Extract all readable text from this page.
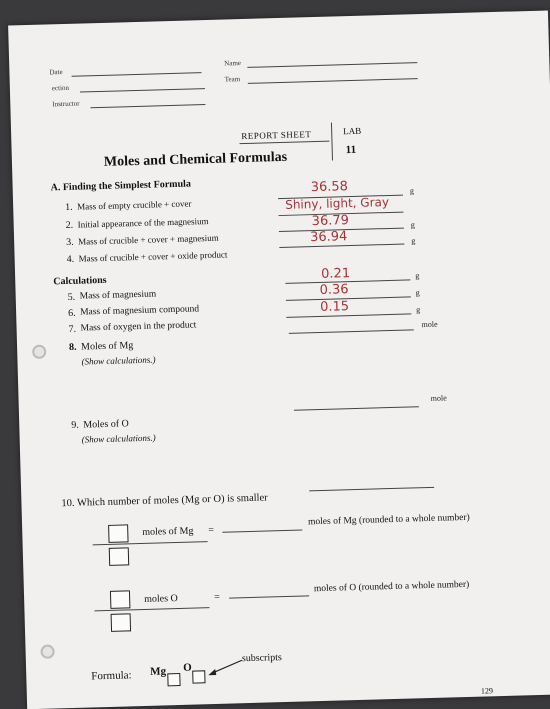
Date
Name
ection
Team
Instructor
REPORT SHEET	LAB
11
Moles and Chemical Formulas
A. Finding the Simplest Formula
1. Mass of empty crucible + cover
36.58	g
2. Initial appearance of the magnesium
Shiny, light, Gray
3. Mass of crucible + cover + magnesium
36.79	g
4. Mass of crucible + cover + oxide product
36.94	g
Calculations
5. Mass of magnesium
0.21	g
6. Mass of magnesium compound
0.36	g
7. Mass of oxygen in the product
0.15	g
8. Moles of Mg
(Show calculations.)
mole
9. Moles of O
(Show calculations.)
mole
10. Which number of moles (Mg or O) is smaller
moles of Mg =
moles of Mg (rounded to a whole number)
moles O	=
moles of O (rounded to a whole number)
Formula: Mg O
subscripts
129
